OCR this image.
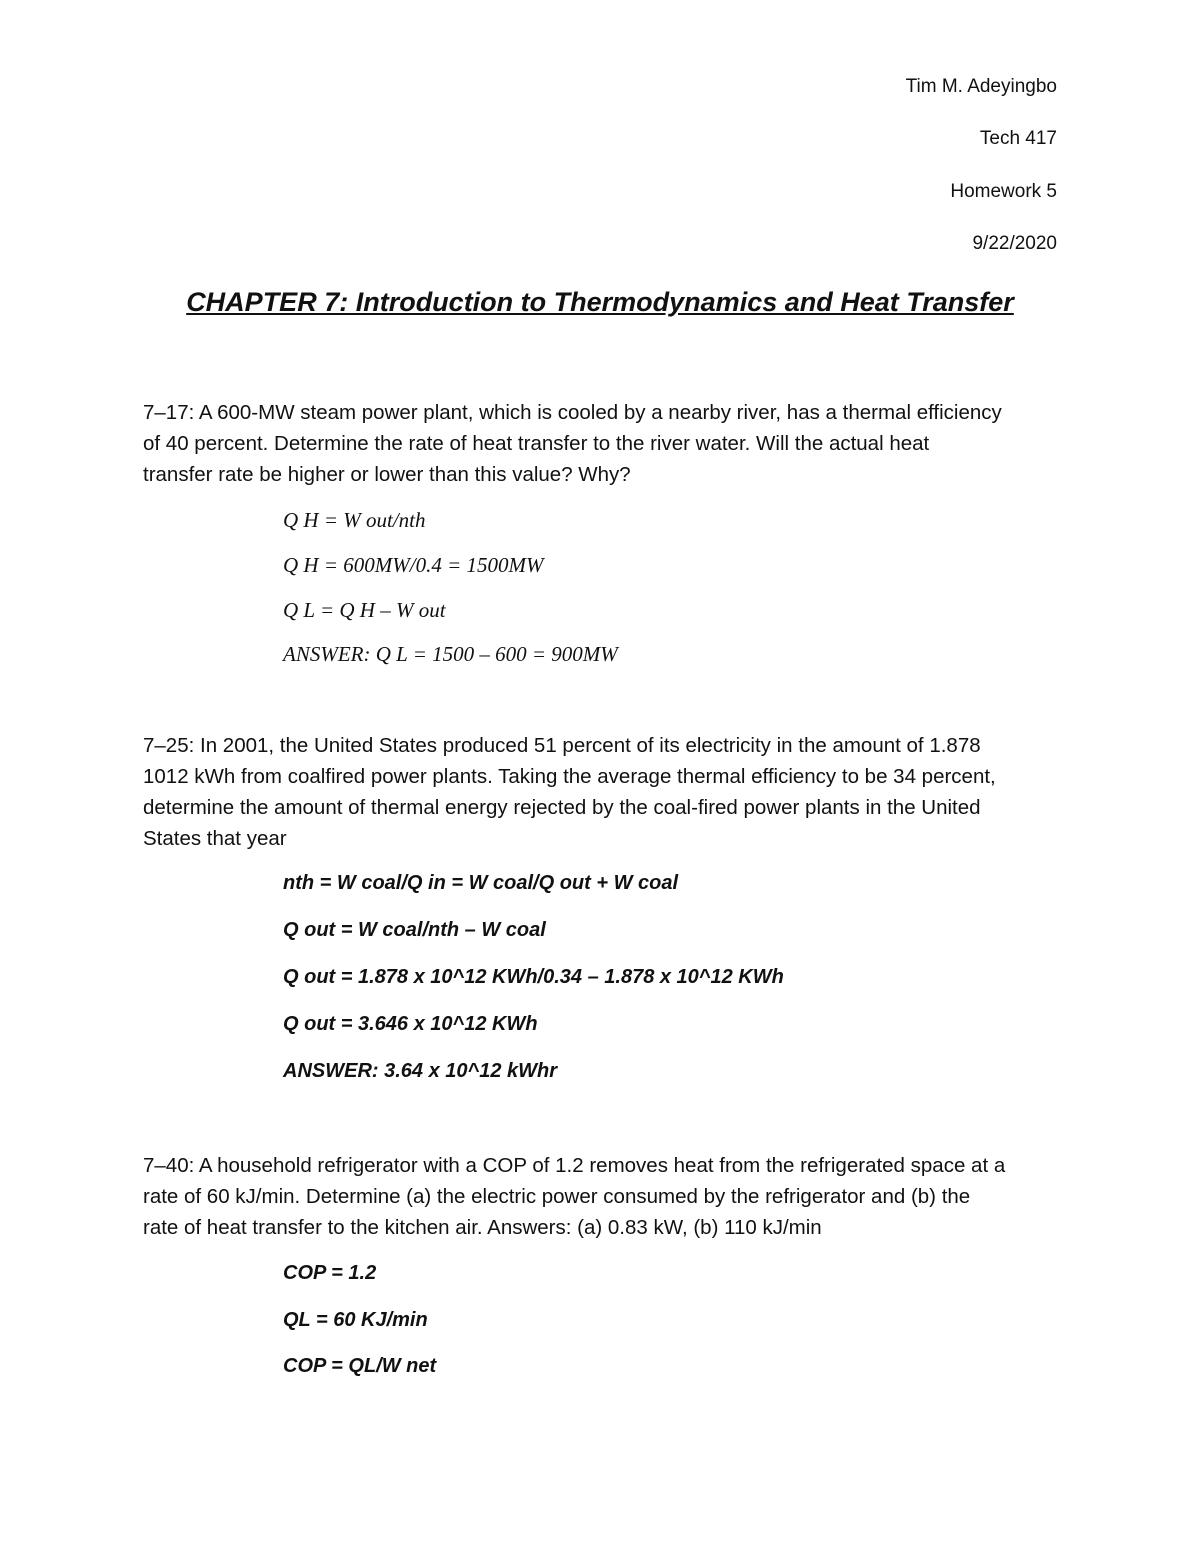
Tim M. Adeyingbo
Tech 417
Homework 5
9/22/2020
CHAPTER 7: Introduction to Thermodynamics and Heat Transfer
7–17: A 600-MW steam power plant, which is cooled by a nearby river, has a thermal efficiency
of 40 percent. Determine the rate of heat transfer to the river water. Will the actual heat
transfer rate be higher or lower than this value? Why?
Q H = W out/nth
Q H = 600MW/0.4 = 1500MW
Q L = Q H – W out
ANSWER: Q L = 1500 – 600 = 900MW
7–25: In 2001, the United States produced 51 percent of its electricity in the amount of 1.878
1012 kWh from coalfired power plants. Taking the average thermal efficiency to be 34 percent,
determine the amount of thermal energy rejected by the coal-fired power plants in the United
States that year
nth = W coal/Q in = W coal/Q out + W coal
Q out = W coal/nth – W coal
Q out = 1.878 x 10^12 KWh/0.34 – 1.878 x 10^12 KWh
Q out = 3.646 x 10^12 KWh
ANSWER: 3.64 x 10^12 kWhr
7–40: A household refrigerator with a COP of 1.2 removes heat from the refrigerated space at a
rate of 60 kJ/min. Determine (a) the electric power consumed by the refrigerator and (b) the
rate of heat transfer to the kitchen air. Answers: (a) 0.83 kW, (b) 110 kJ/min
COP = 1.2
QL = 60 KJ/min
COP = QL/W net
